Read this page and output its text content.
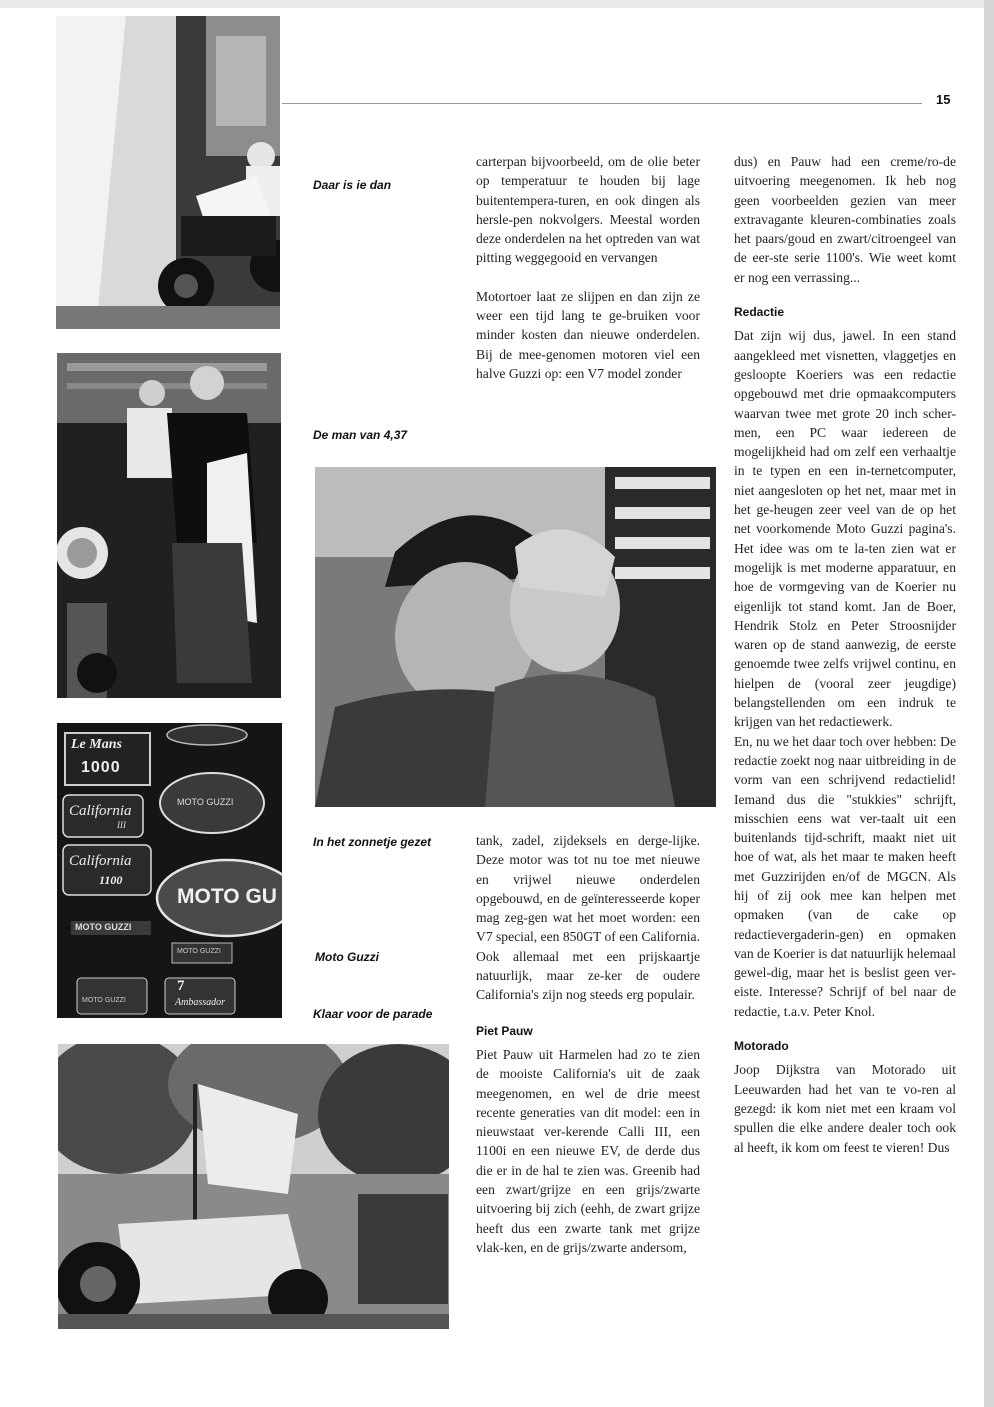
15
Le Mans
1000
California
III
California
1100
MOTO GUZZI
MOTO GU
MOTO GUZZI
MOTO GUZZI
7
Ambassador
MOTO GUZZI
Daar is ie dan
De man van 4,37
In het zonnetje gezet
Moto Guzzi
Klaar voor de parade

carterpan bijvoorbeeld, om de olie beter op temperatuur te houden bij lage buitentempera-turen, en ook dingen als hersle-pen nokvolgers. Meestal worden deze onderdelen na het optreden van wat pitting weggegooid en vervangen

Motortoer laat ze slijpen en dan zijn ze weer een tijd lang te ge-bruiken voor minder kosten dan nieuwe onderdelen. Bij de mee-genomen motoren viel een halve Guzzi op: een V7 model zonder

tank, zadel, zijdeksels en derge-lijke. Deze motor was tot nu toe met nieuwe en vrijwel nieuwe onderdelen opgebouwd, en de geïnteresseerde koper mag zeg-gen wat het moet worden: een V7 special, een 850GT of een California. Ook allemaal met een prijskaartje natuurlijk, maar ze-ker de oudere California's zijn nog steeds erg populair.

Piet Pauw

Piet Pauw uit Harmelen had zo te zien de mooiste California's uit de zaak meegenomen, en wel de drie meest recente generaties van dit model: een in nieuwstaat ver-kerende Calli III, een 1100i en een nieuwe EV, de derde dus die er in de hal te zien was. Greenib had een zwart/grijze en een grijs/zwarte uitvoering bij zich (eehh, de zwart grijze heeft dus een zwarte tank met grijze vlak-ken, en de grijs/zwarte andersom,

dus) en Pauw had een creme/ro-de uitvoering meegenomen. Ik heb nog geen voorbeelden gezien van meer extravagante kleuren-combinaties zoals het paars/goud en zwart/citroengeel van de eer-ste serie 1100's. Wie weet komt er nog een verrassing...

Redactie

Dat zijn wij dus, jawel. In een stand aangekleed met visnetten, vlaggetjes en gesloopte Koeriers was een redactie opgebouwd met drie opmaakcomputers waarvan twee met grote 20 inch scher-men, een PC waar iedereen de mogelijkheid had om zelf een verhaaltje in te typen en een in-ternetcomputer, niet aangesloten op het net, maar met in het ge-heugen zeer veel van de op het net voorkomende Moto Guzzi pagina's. Het idee was om te la-ten zien wat er mogelijk is met moderne apparatuur, en hoe de vormgeving van de Koerier nu eigenlijk tot stand komt. Jan de Boer, Hendrik Stolz en Peter Stroosnijder waren op de stand aanwezig, de eerste genoemde twee zelfs vrijwel continu, en hielpen de (vooral zeer jeugdige) belangstellenden om een indruk te krijgen van het redactiewerk.

En, nu we het daar toch over hebben: De redactie zoekt nog naar uitbreiding in de vorm van een schrijvend redactielid! Iemand dus die "stukkies" schrijft, misschien eens wat ver-taalt uit een buitenlands tijd-schrift, maakt niet uit hoe of wat, als het maar te maken heeft met Guzzirijden en/of de MGCN. Als hij of zij ook mee kan helpen met opmaken (van de cake op redactievergaderin-gen) en opmaken van de Koerier is dat natuurlijk helemaal gewel-dig, maar het is beslist geen ver-eiste. Interesse? Schrijf of bel naar de redactie, t.a.v. Peter Knol.

Motorado

Joop Dijkstra van Motorado uit Leeuwarden had het van te vo-ren al gezegd: ik kom niet met een kraam vol spullen die elke andere dealer toch ook al heeft, ik kom om feest te vieren! Dus
